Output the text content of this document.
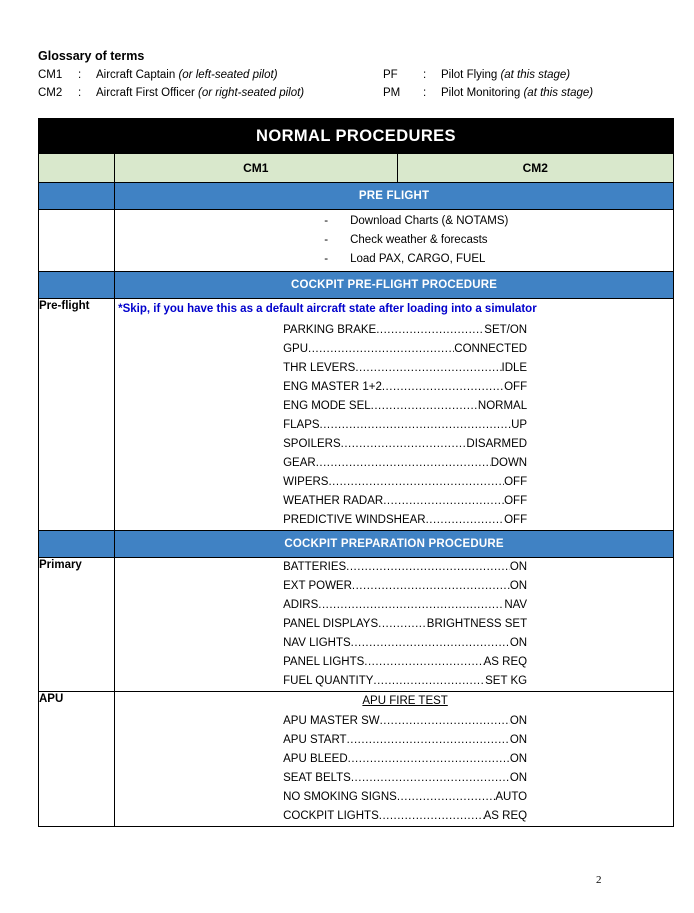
Glossary of terms
CM1	:	Aircraft Captain (or left-seated pilot)	PF	:	Pilot Flying (at this stage)
CM2	:	Aircraft First Officer (or right-seated pilot)	PM	:	Pilot Monitoring (at this stage)
NORMAL PROCEDURES		
	CM1	CM2
	PRE FLIGHT	

-	Download Charts (& NOTAMS)
-	Check weather & forecasts
-	Load PAX, CARGO, FUEL

	COCKPIT PRE-FLIGHT PROCEDURE	
Pre-flight	*Skip, if you have this as a default aircraft state after loading into a simulator
PARKING BRAKE .....	SET/ON
GPU .....	CONNECTED
THR LEVERS .....	IDLE
ENG MASTER 1+2 .....	OFF
ENG MODE SEL .....	NORMAL
FLAPS .....	UP
SPOILERS .....	DISARMED
GEAR .....	DOWN
WIPERS .....	OFF
WEATHER RADAR .....	OFF
PREDICTIVE WINDSHEAR .....	OFF

	COCKPIT PREPARATION PROCEDURE	
Primary	BATTERIES .....	ON
EXT POWER .....	ON
ADIRS .....	NAV
PANEL DISPLAYS .....	BRIGHTNESS SET
NAV LIGHTS .....	ON
PANEL LIGHTS .....	AS REQ
FUEL QUANTITY .....	SET KG

APU	APU FIRE TEST
APU MASTER SW .....	ON
APU START .....	ON
APU BLEED .....	ON
SEAT BELTS .....	ON
NO SMOKING SIGNS .....	AUTO
COCKPIT LIGHTS .....	AS REQ
2
